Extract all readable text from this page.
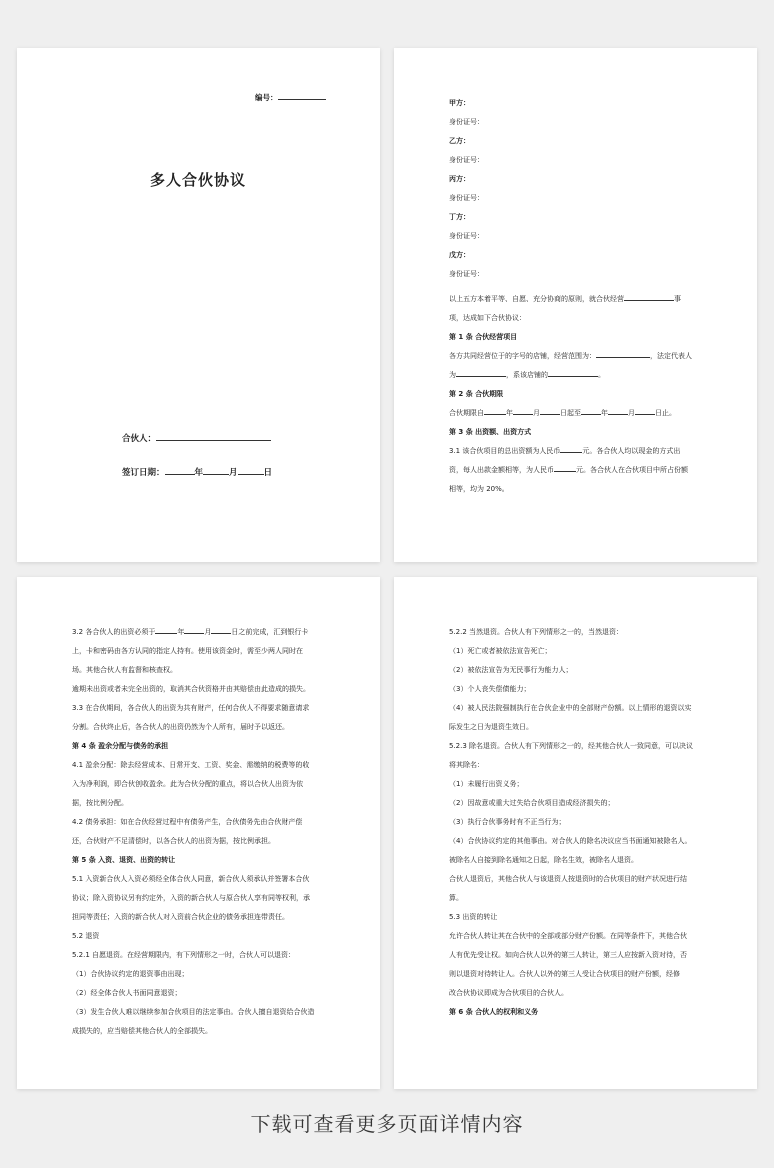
编号：
多人合伙协议
合伙人：
签订日期：	年	月	日
甲方：
身份证号：
乙方：
身份证号：
丙方：
身份证号：
丁方：
身份证号：
戊方：
身份证号：
以上五方本着平等、自愿、充分协商的原则，就合伙经营	事
项，达成如下合伙协议：
第 1 条 合伙经营项目
各方共同经营位于的字号的店铺，经营范围为：	，法定代表人
为	，系该店铺的	。
第 2 条 合伙期限
合伙期限自	年	月	日起至	年	月	日止。
第 3 条 出资额、出资方式
3.1 该合伙项目的总出资额为人民币	元。各合伙人均以现金的方式出
资，每人出款金额相等，为人民币	元。各合伙人在合伙项目中所占份额
相等，均为 20%。
3.2 各合伙人的出资必须于	年	月	日之前完成，汇到银行卡
上，卡和密码由各方认同的指定人持有。使用该资金时，需至少两人同时在
场。其他合伙人有监督和核查权。
逾期未出资或者未完全出资的，取消其合伙资格并由其赔偿由此造成的损失。
3.3 在合伙期间，各合伙人的出资为共有财产，任何合伙人不得要求随意请求
分割。合伙终止后，各合伙人的出资仍然为个人所有，届时予以返还。
第 4 条 盈余分配与债务的承担
4.1 盈余分配：除去经营成本、日常开支、工资、奖金、需缴纳的税费等的收
入为净利润，即合伙创收盈余。此为合伙分配的重点，将以合伙人出资为依
据，按比例分配。
4.2 债务承担：如在合伙经营过程中有债务产生，合伙债务先由合伙财产偿
还，合伙财产不足清偿时，以各合伙人的出资为据，按比例承担。
第 5 条 入资、退资、出资的转让
5.1 入资新合伙人入资必须经全体合伙人同意，新合伙人须承认并签署本合伙
协议；除入资协议另有约定外，入资的新合伙人与原合伙人享有同等权利，承
担同等责任；入资的新合伙人对入资前合伙企业的债务承担连带责任。
5.2 退资
5.2.1 自愿退资。在经营期限内，有下列情形之一时，合伙人可以退资：
（1）合伙协议约定的退资事由出现；
（2）经全体合伙人书面同意退资；
（3）发生合伙人难以继续参加合伙项目的法定事由。合伙人擅自退资给合伙造
成损失的，应当赔偿其他合伙人的全部损失。
5.2.2 当然退资。合伙人有下列情形之一的，当然退资：
（1）死亡或者被依法宣告死亡；
（2）被依法宣告为无民事行为能力人；
（3）个人丧失偿债能力；
（4）被人民法院强制执行在合伙企业中的全部财产份额。以上情形的退资以实
际发生之日为退资生效日。
5.2.3 除名退资。合伙人有下列情形之一的，经其他合伙人一致同意，可以决议
将其除名：
（1）未履行出资义务；
（2）因故意或重大过失给合伙项目造成经济损失的；
（3）执行合伙事务时有不正当行为；
（4）合伙协议约定的其他事由。对合伙人的除名决议应当书面通知被除名人。
被除名人自接到除名通知之日起，除名生效，被除名人退资。
合伙人退资后，其他合伙人与该退资人按退资时的合伙项目的财产状况进行结
算。
5.3 出资的转让
允许合伙人转让其在合伙中的全部或部分财产份额。在同等条件下，其他合伙
人有优先受让权。如向合伙人以外的第三人转让，第三人应按新入资对待，否
则以退资对待转让人。合伙人以外的第三人受让合伙项目的财产份额，经修
改合伙协议即成为合伙项目的合伙人。
第 6 条 合伙人的权利和义务
下载可查看更多页面详情内容
